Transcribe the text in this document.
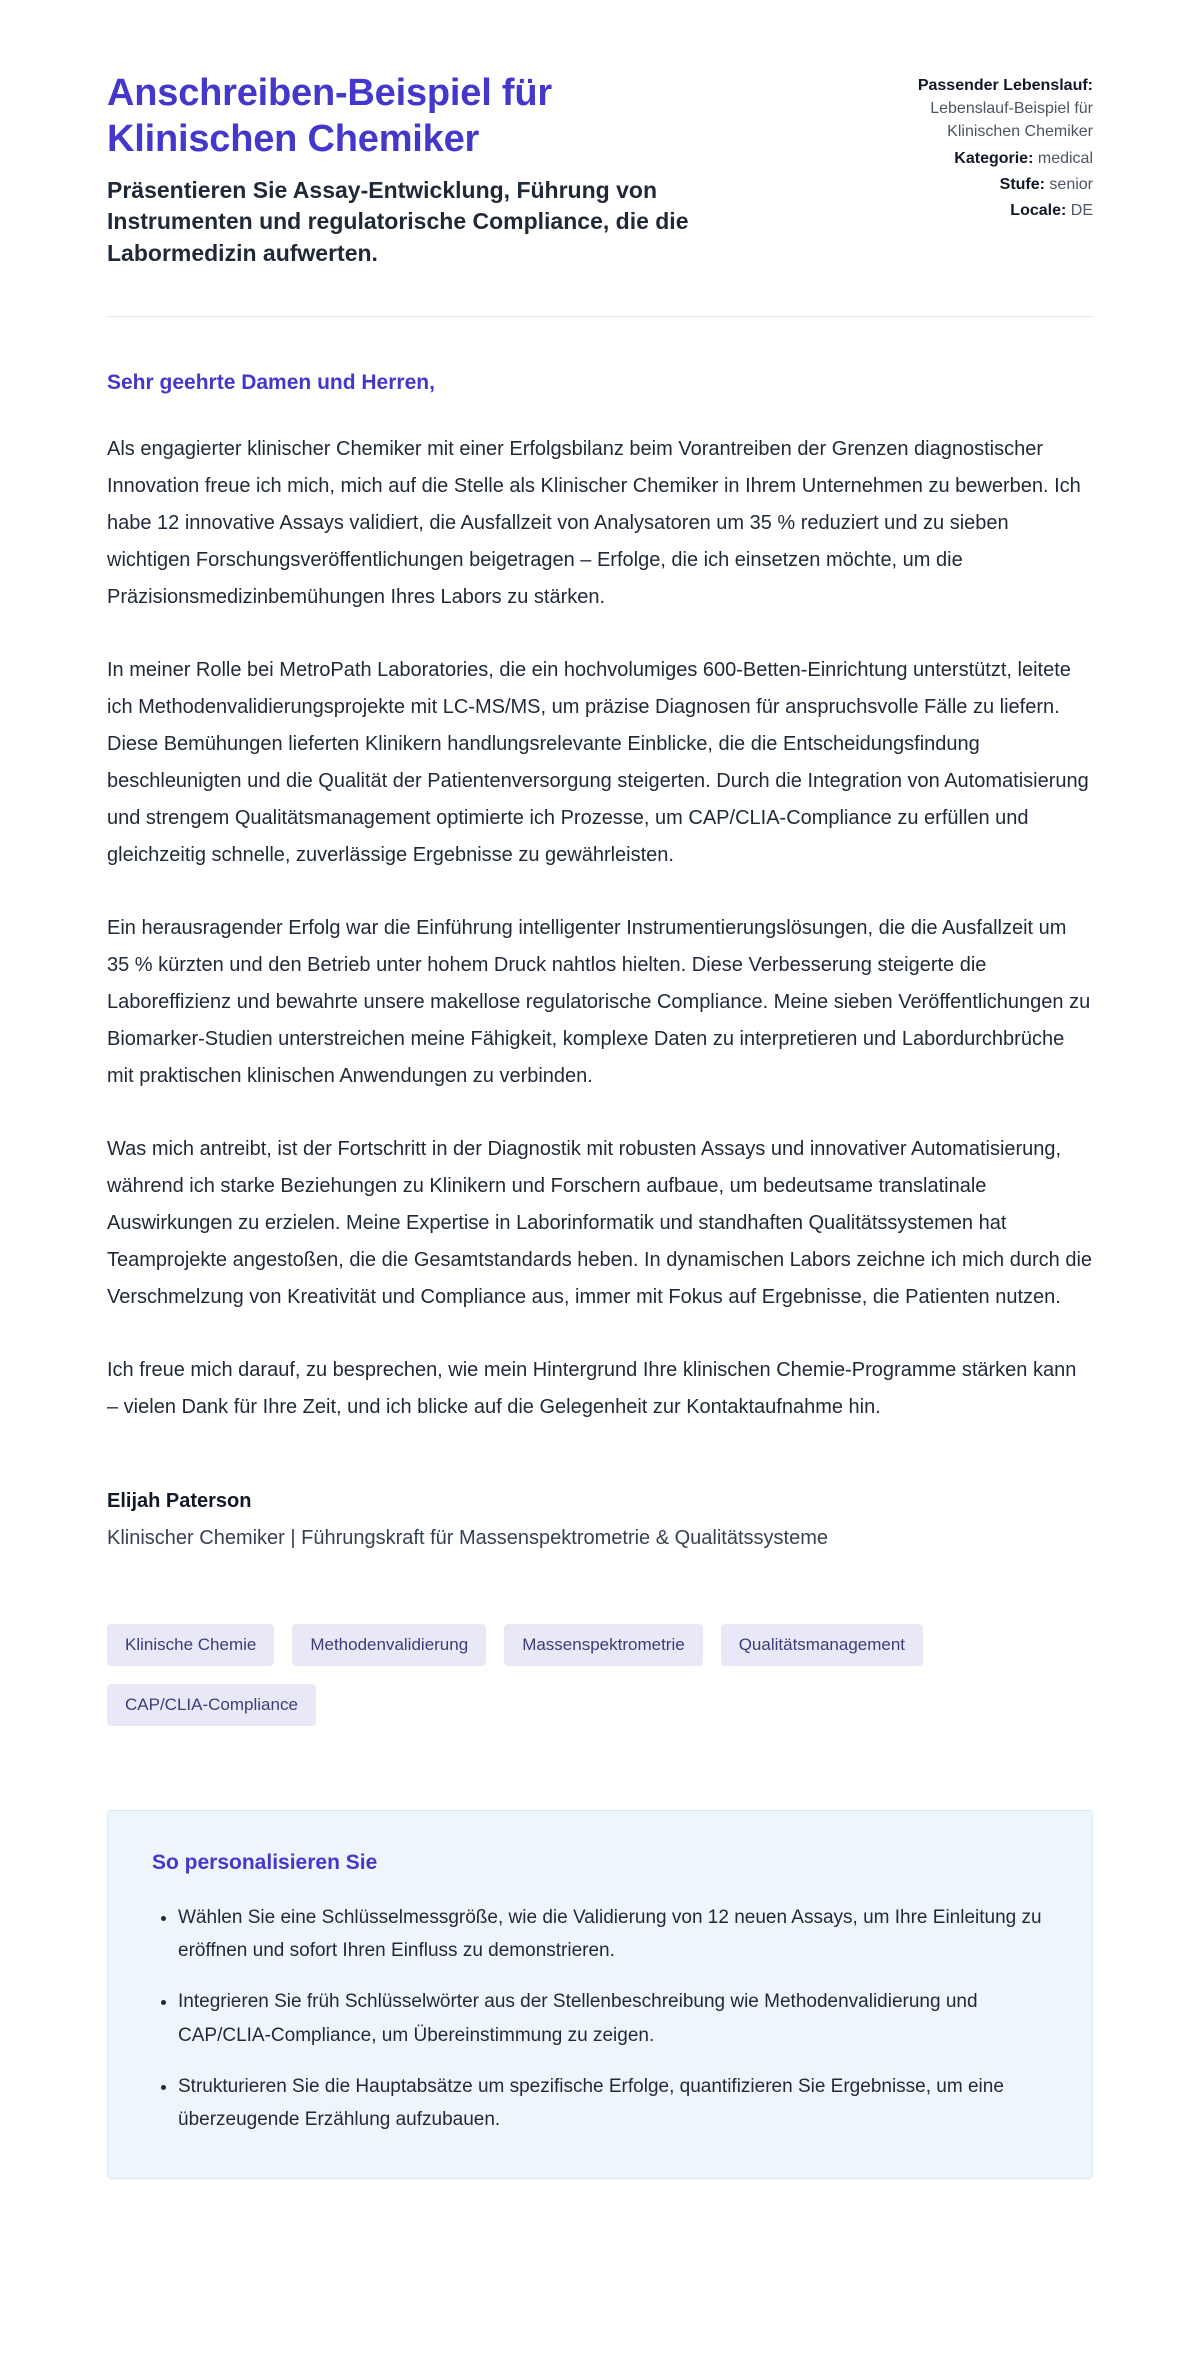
Anschreiben-Beispiel für Klinischen Chemiker

Präsentieren Sie Assay-Entwicklung, Führung von Instrumenten und regulatorische Compliance, die die Labormedizin aufwerten.

Passender Lebenslauf:
Lebenslauf-Beispiel für Klinischen Chemiker
Kategorie: medical
Stufe: senior
Locale: DE

Sehr geehrte Damen und Herren,

Als engagierter klinischer Chemiker mit einer Erfolgsbilanz beim Vorantreiben der Grenzen diagnostischer Innovation freue ich mich, mich auf die Stelle als Klinischer Chemiker in Ihrem Unternehmen zu bewerben. Ich habe 12 innovative Assays validiert, die Ausfallzeit von Analysatoren um 35 % reduziert und zu sieben wichtigen Forschungsveröffentlichungen beigetragen – Erfolge, die ich einsetzen möchte, um die Präzisionsmedizinbemühungen Ihres Labors zu stärken.

In meiner Rolle bei MetroPath Laboratories, die ein hochvolumiges 600-Betten-Einrichtung unterstützt, leitete ich Methodenvalidierungsprojekte mit LC-MS/MS, um präzise Diagnosen für anspruchsvolle Fälle zu liefern. Diese Bemühungen lieferten Klinikern handlungsrelevante Einblicke, die die Entscheidungsfindung beschleunigten und die Qualität der Patientenversorgung steigerten. Durch die Integration von Automatisierung und strengem Qualitätsmanagement optimierte ich Prozesse, um CAP/CLIA-Compliance zu erfüllen und gleichzeitig schnelle, zuverlässige Ergebnisse zu gewährleisten.

Ein herausragender Erfolg war die Einführung intelligenter Instrumentierungslösungen, die die Ausfallzeit um 35 % kürzten und den Betrieb unter hohem Druck nahtlos hielten. Diese Verbesserung steigerte die Laboreffizienz und bewahrte unsere makellose regulatorische Compliance. Meine sieben Veröffentlichungen zu Biomarker-Studien unterstreichen meine Fähigkeit, komplexe Daten zu interpretieren und Labordurchbrüche mit praktischen klinischen Anwendungen zu verbinden.

Was mich antreibt, ist der Fortschritt in der Diagnostik mit robusten Assays und innovativer Automatisierung, während ich starke Beziehungen zu Klinikern und Forschern aufbaue, um bedeutsame translatinale Auswirkungen zu erzielen. Meine Expertise in Laborinformatik und standhaften Qualitätssystemen hat Teamprojekte angestoßen, die die Gesamtstandards heben. In dynamischen Labors zeichne ich mich durch die Verschmelzung von Kreativität und Compliance aus, immer mit Fokus auf Ergebnisse, die Patienten nutzen.

Ich freue mich darauf, zu besprechen, wie mein Hintergrund Ihre klinischen Chemie-Programme stärken kann – vielen Dank für Ihre Zeit, und ich blicke auf die Gelegenheit zur Kontaktaufnahme hin.

Elijah Paterson

Klinischer Chemiker | Führungskraft für Massenspektrometrie & Qualitätssysteme

Klinische Chemie	Methodenvalidierung	Massenspektrometrie	Qualitätsmanagement
CAP/CLIA-Compliance
So personalisieren Sie
• Wählen Sie eine Schlüsselmessgröße, wie die Validierung von 12 neuen Assays, um Ihre Einleitung zu eröffnen und sofort Ihren Einfluss zu demonstrieren.
• Integrieren Sie früh Schlüsselwörter aus der Stellenbeschreibung wie Methodenvalidierung und CAP/CLIA-Compliance, um Übereinstimmung zu zeigen.
• Strukturieren Sie die Hauptabsätze um spezifische Erfolge, quantifizieren Sie Ergebnisse, um eine überzeugende Erzählung aufzubauen.
